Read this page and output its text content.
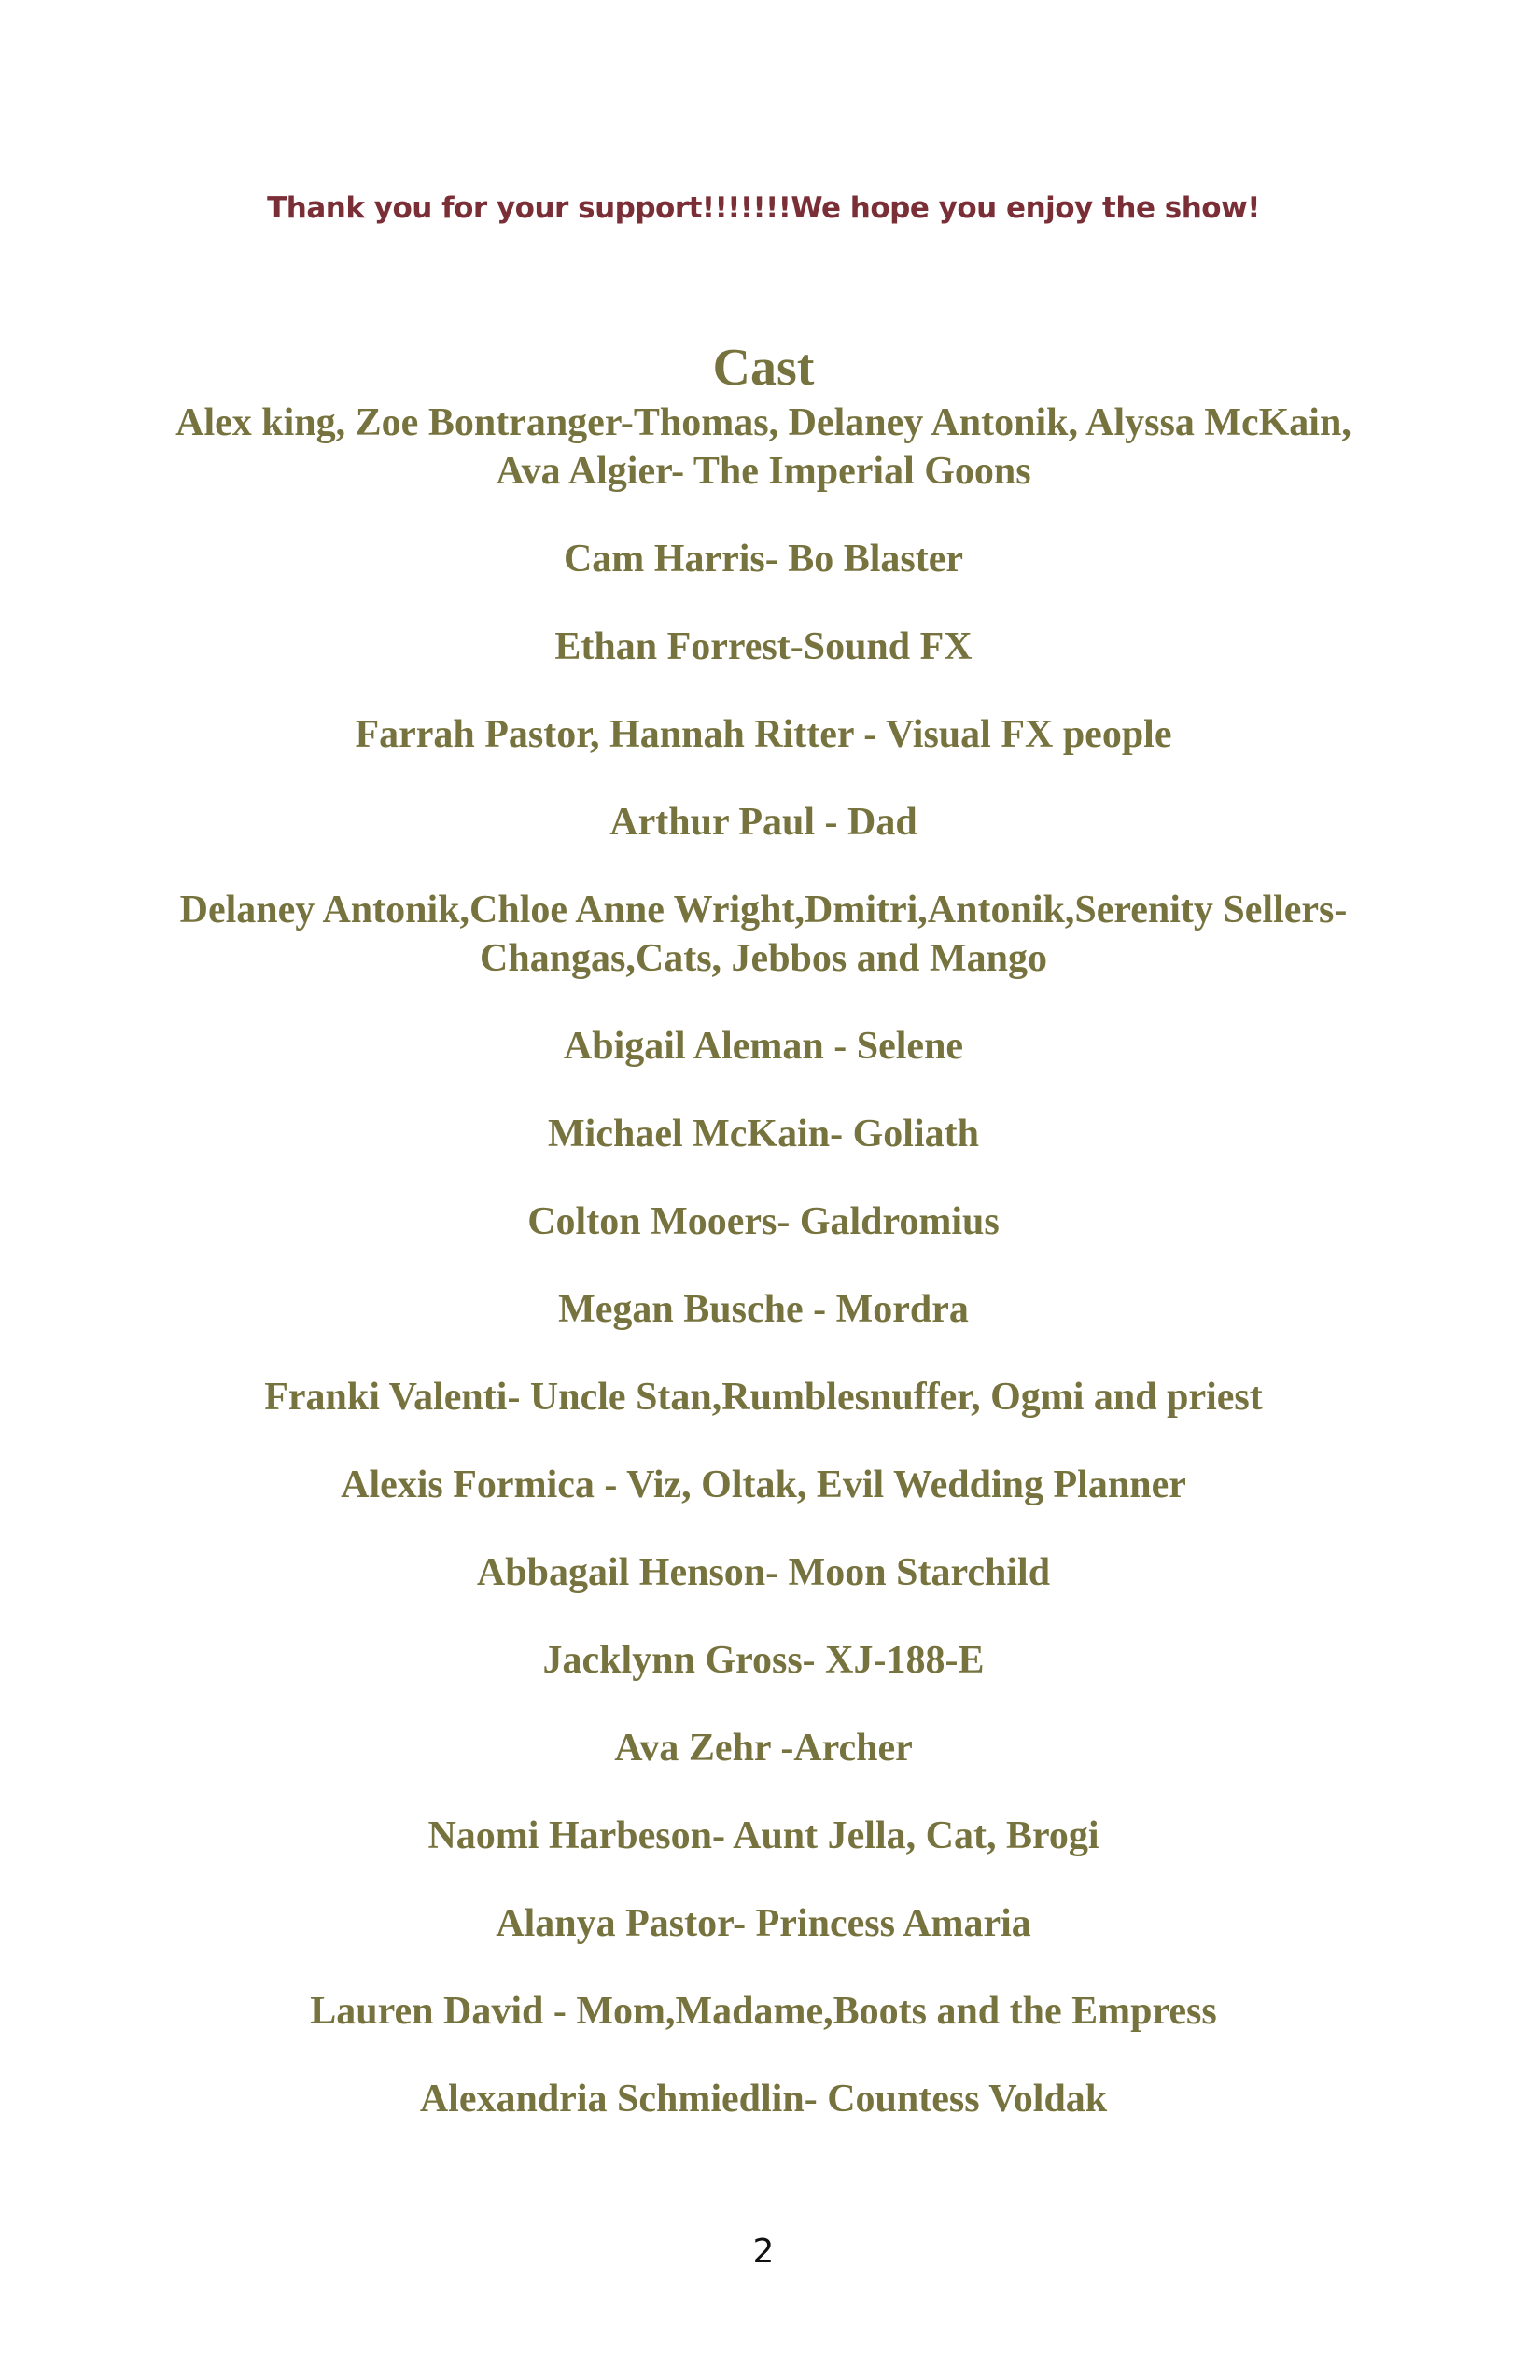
Thank you for your support!!!!!!!We hope you enjoy the show!
Cast
Alex king, Zoe Bontranger-Thomas, Delaney Antonik, Alyssa McKain, Ava Algier- The Imperial Goons
Cam Harris- Bo Blaster
Ethan Forrest-Sound FX
Farrah Pastor, Hannah Ritter - Visual FX people
Arthur Paul - Dad
Delaney Antonik,Chloe Anne Wright,Dmitri,Antonik,Serenity Sellers- Changas,Cats, Jebbos and Mango
Abigail Aleman - Selene
Michael McKain- Goliath
Colton Mooers- Galdromius
Megan Busche - Mordra
Franki Valenti- Uncle Stan,Rumblesnuffer, Ogmi and priest
Alexis Formica - Viz, Oltak, Evil Wedding Planner
Abbagail Henson- Moon Starchild
Jacklynn Gross- XJ-188-E
Ava Zehr -Archer
Naomi Harbeson- Aunt Jella, Cat, Brogi
Alanya Pastor- Princess Amaria
Lauren David - Mom,Madame,Boots and the Empress
Alexandria Schmiedlin- Countess Voldak
2
